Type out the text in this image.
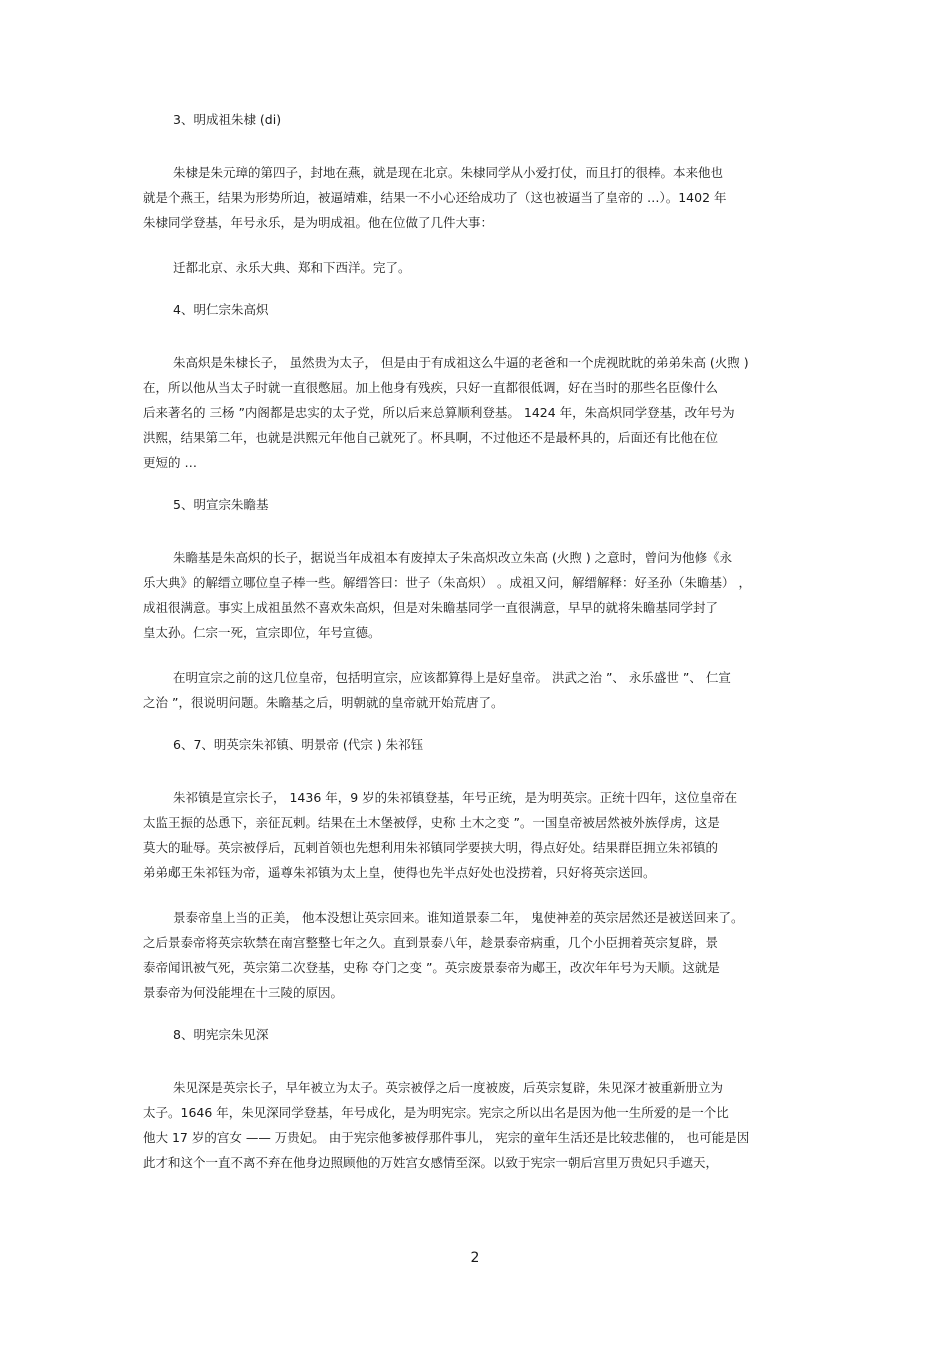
3、明成祖朱棣 (di)
朱棣是朱元璋的第四子，封地在燕，就是现在北京。朱棣同学从小爱打仗，而且打的很棒。本来他也
就是个燕王，结果为形势所迫，被逼靖难，结果一不小心还给成功了（这也被逼当了皇帝的 …）。1402 年
朱棣同学登基，年号永乐，是为明成祖。他在位做了几件大事：
迁都北京、永乐大典、郑和下西洋。完了。
4、明仁宗朱高炽
朱高炽是朱棣长子， 虽然贵为太子， 但是由于有成祖这么牛逼的老爸和一个虎视眈眈的弟弟朱高 (火煦 )
在，所以他从当太子时就一直很憋屈。加上他身有残疾，只好一直都很低调，好在当时的那些名臣像什么
后来著名的 三杨 ”内阁都是忠实的太子党，所以后来总算顺利登基。 1424 年，朱高炽同学登基，改年号为
洪熙，结果第二年，也就是洪熙元年他自己就死了。杯具啊，不过他还不是最杯具的，后面还有比他在位
更短的 …
5、明宣宗朱瞻基
朱瞻基是朱高炽的长子，据说当年成祖本有废掉太子朱高炽改立朱高 (火煦 ) 之意时，曾问为他修《永
乐大典》的解缙立哪位皇子棒一些。解缙答曰：世子（朱高炽） 。成祖又问，解缙解释：好圣孙（朱瞻基） ，
成祖很满意。事实上成祖虽然不喜欢朱高炽，但是对朱瞻基同学一直很满意，早早的就将朱瞻基同学封了
皇太孙。仁宗一死，宣宗即位，年号宣德。
在明宣宗之前的这几位皇帝，包括明宣宗，应该都算得上是好皇帝。 洪武之治 ”、 永乐盛世 ”、 仁宣
之治 ”，很说明问题。朱瞻基之后，明朝就的皇帝就开始荒唐了。
6、7、明英宗朱祁镇、明景帝 (代宗 ) 朱祁钰
朱祁镇是宣宗长子， 1436 年，9 岁的朱祁镇登基，年号正统，是为明英宗。正统十四年，这位皇帝在
太监王振的怂恿下，亲征瓦剌。结果在土木堡被俘，史称 土木之变 ”。一国皇帝被居然被外族俘虏，这是
莫大的耻辱。英宗被俘后，瓦剌首领也先想利用朱祁镇同学要挟大明，得点好处。结果群臣拥立朱祁镇的
弟弟郕王朱祁钰为帝，遥尊朱祁镇为太上皇，使得也先半点好处也没捞着，只好将英宗送回。
景泰帝皇上当的正美， 他本没想让英宗回来。谁知道景泰二年， 鬼使神差的英宗居然还是被送回来了。
之后景泰帝将英宗软禁在南宫整整七年之久。直到景泰八年，趁景泰帝病重，几个小臣拥着英宗复辟，景
泰帝闻讯被气死，英宗第二次登基，史称 夺门之变 ”。英宗废景泰帝为郕王，改次年年号为天顺。这就是
景泰帝为何没能埋在十三陵的原因。
8、明宪宗朱见深
朱见深是英宗长子，早年被立为太子。英宗被俘之后一度被废，后英宗复辟，朱见深才被重新册立为
太子。1646 年，朱见深同学登基，年号成化，是为明宪宗。宪宗之所以出名是因为他一生所爱的是一个比
他大 17 岁的宫女 —— 万贵妃。 由于宪宗他爹被俘那件事儿， 宪宗的童年生活还是比较悲催的， 也可能是因
此才和这个一直不离不弃在他身边照顾他的万姓宫女感情至深。以致于宪宗一朝后宫里万贵妃只手遮天，
2
